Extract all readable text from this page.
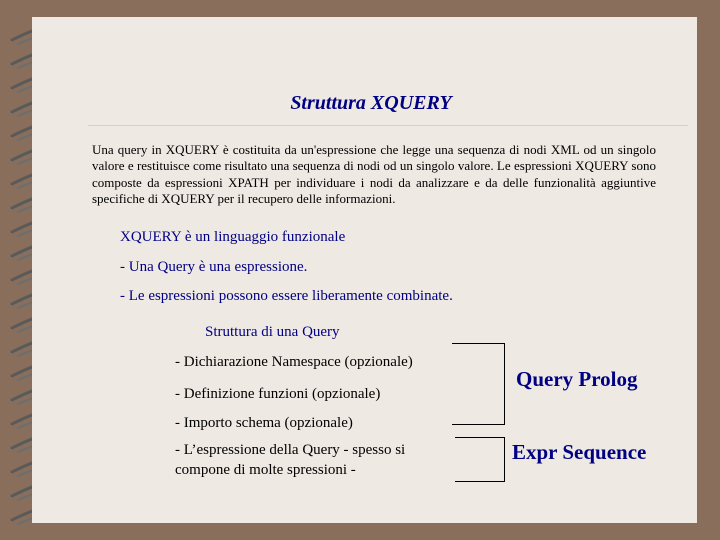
Struttura XQUERY

Una query in XQUERY è costituita da un'espressione che legge una sequenza di nodi XML od un singolo valore e restituisce come risultato una sequenza di nodi od un singolo valore. Le espressioni XQUERY sono composte da espressioni XPATH per individuare i nodi da analizzare e da delle funzionalità aggiuntive specifiche di XQUERY per il recupero delle informazioni.

XQUERY è un linguaggio funzionale

- Una Query è una espressione.

- Le espressioni possono essere liberamente combinate.

Struttura di una Query

- Dichiarazione Namespace (opzionale)

- Definizione funzioni (opzionale)

- Importo schema (opzionale)

- L’espressione della Query - spesso si compone di molte spressioni -

Query Prolog

Expr Sequence
